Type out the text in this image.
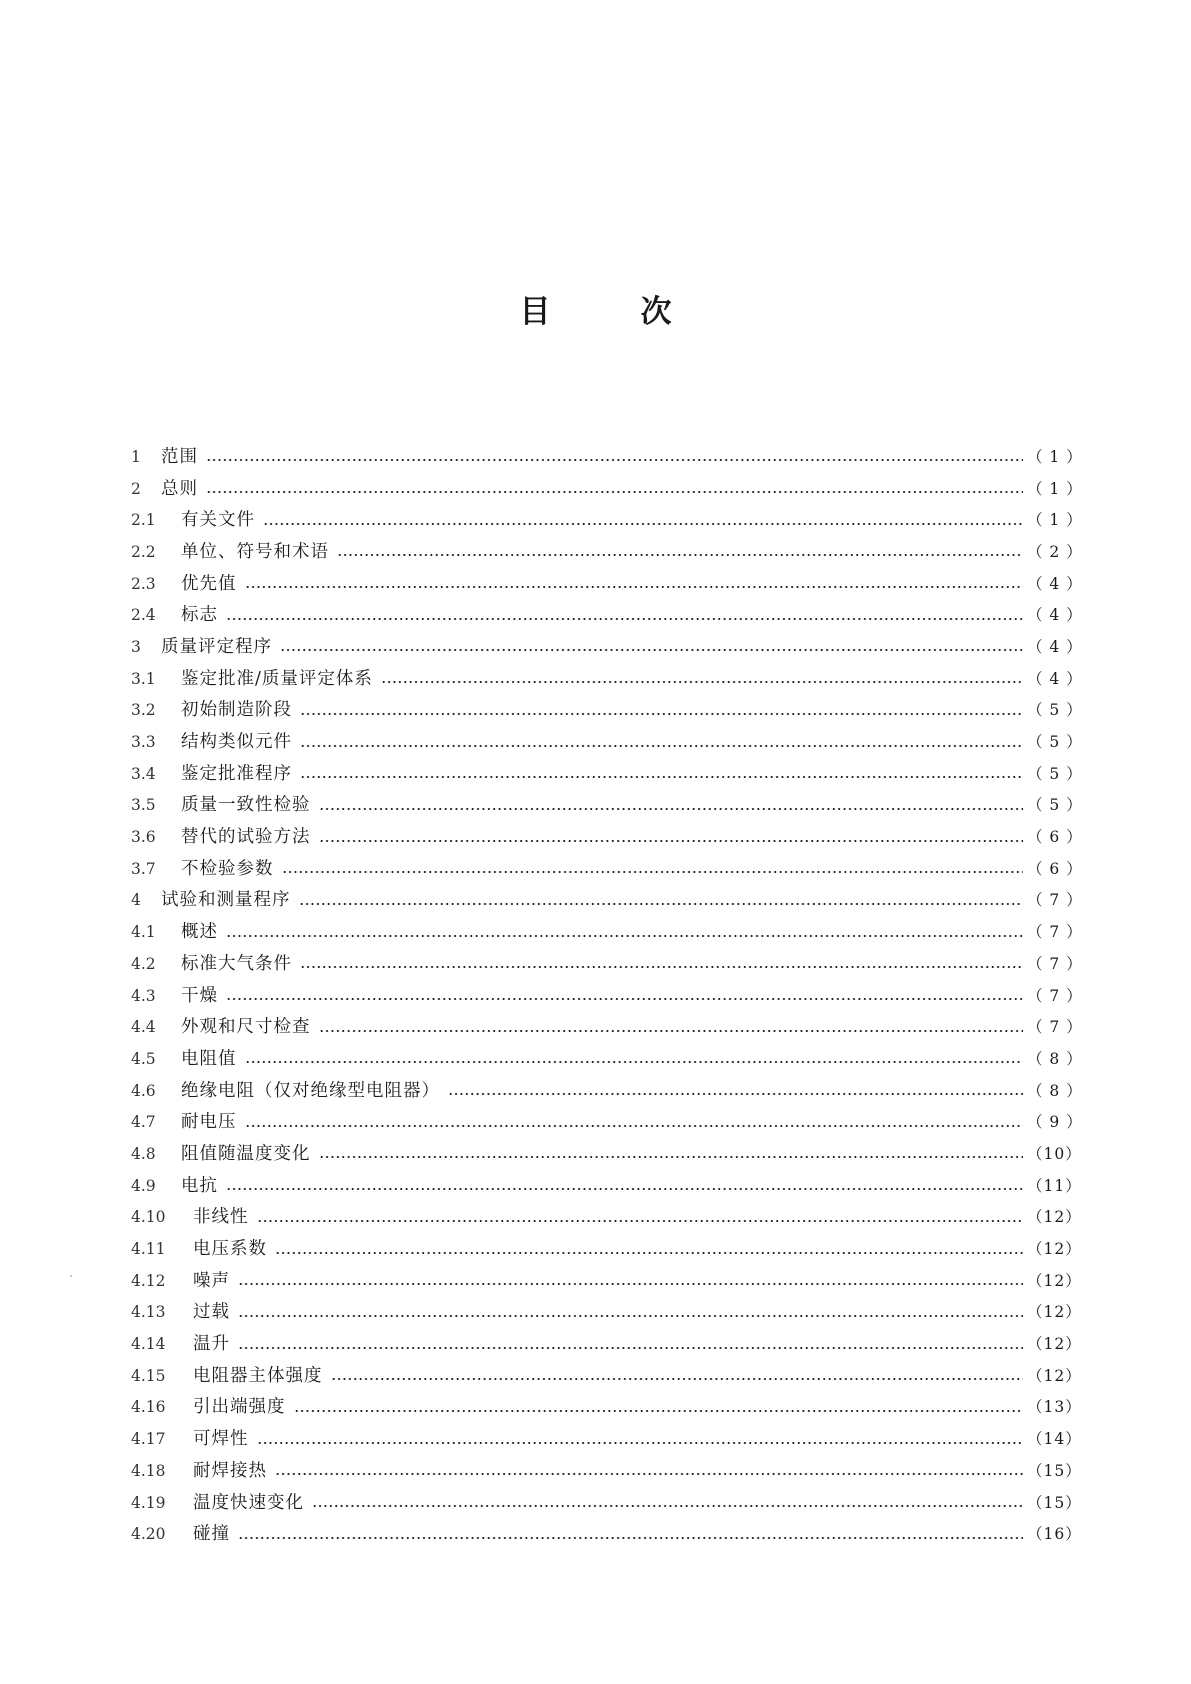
目	次
1	范围	（ 1 ）
2	总则	（ 1 ）
2.1	有关文件	（ 1 ）
2.2	单位、符号和术语	（ 2 ）
2.3	优先值	（ 4 ）
2.4	标志	（ 4 ）
3	质量评定程序	（ 4 ）
3.1	鉴定批准/质量评定体系	（ 4 ）
3.2	初始制造阶段	（ 5 ）
3.3	结构类似元件	（ 5 ）
3.4	鉴定批准程序	（ 5 ）
3.5	质量一致性检验	（ 5 ）
3.6	替代的试验方法	（ 6 ）
3.7	不检验参数	（ 6 ）
4	试验和测量程序	（ 7 ）
4.1	概述	（ 7 ）
4.2	标准大气条件	（ 7 ）
4.3	干燥	（ 7 ）
4.4	外观和尺寸检查	（ 7 ）
4.5	电阻值	（ 8 ）
4.6	绝缘电阻（仅对绝缘型电阻器）	（ 8 ）
4.7	耐电压	（ 9 ）
4.8	阻值随温度变化	（10）
4.9	电抗	（11）
4.10	非线性	（12）
4.11	电压系数	（12）
4.12	噪声	（12）
4.13	过载	（12）
4.14	温升	（12）
4.15	电阻器主体强度	（12）
4.16	引出端强度	（13）
4.17	可焊性	（14）
4.18	耐焊接热	（15）
4.19	温度快速变化	（15）
4.20	碰撞	（16）
